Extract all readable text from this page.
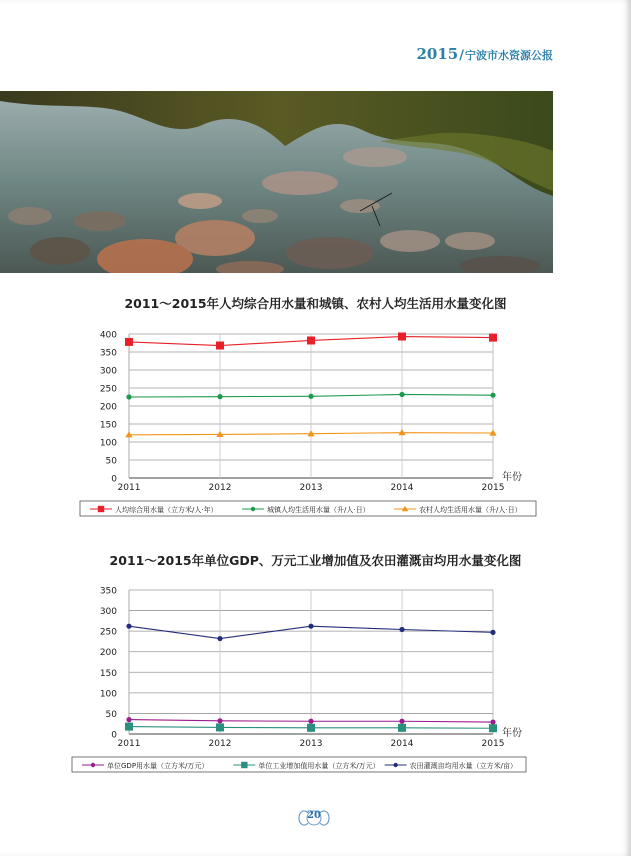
2015/宁波市水资源公报
2011～2015年人均综合用水量和城镇、农村人均生活用水量变化图
0
50
100
150
200
250
300
350
400
2011	2012	2013	2014	2015
年份
人均综合用水量（立方米/人·年）	城镇人均生活用水量（升/人·日）	农村人均生活用水量（升/人·日）
2011～2015年单位GDP、万元工业增加值及农田灌溉亩均用水量变化图
0
50
100
150
200
250
300
350
2011	2012	2013	2014	2015
年份
单位GDP用水量（立方米/万元）	单位工业增加值用水量（立方米/万元）	农田灌溉亩均用水量（立方米/亩）
20
